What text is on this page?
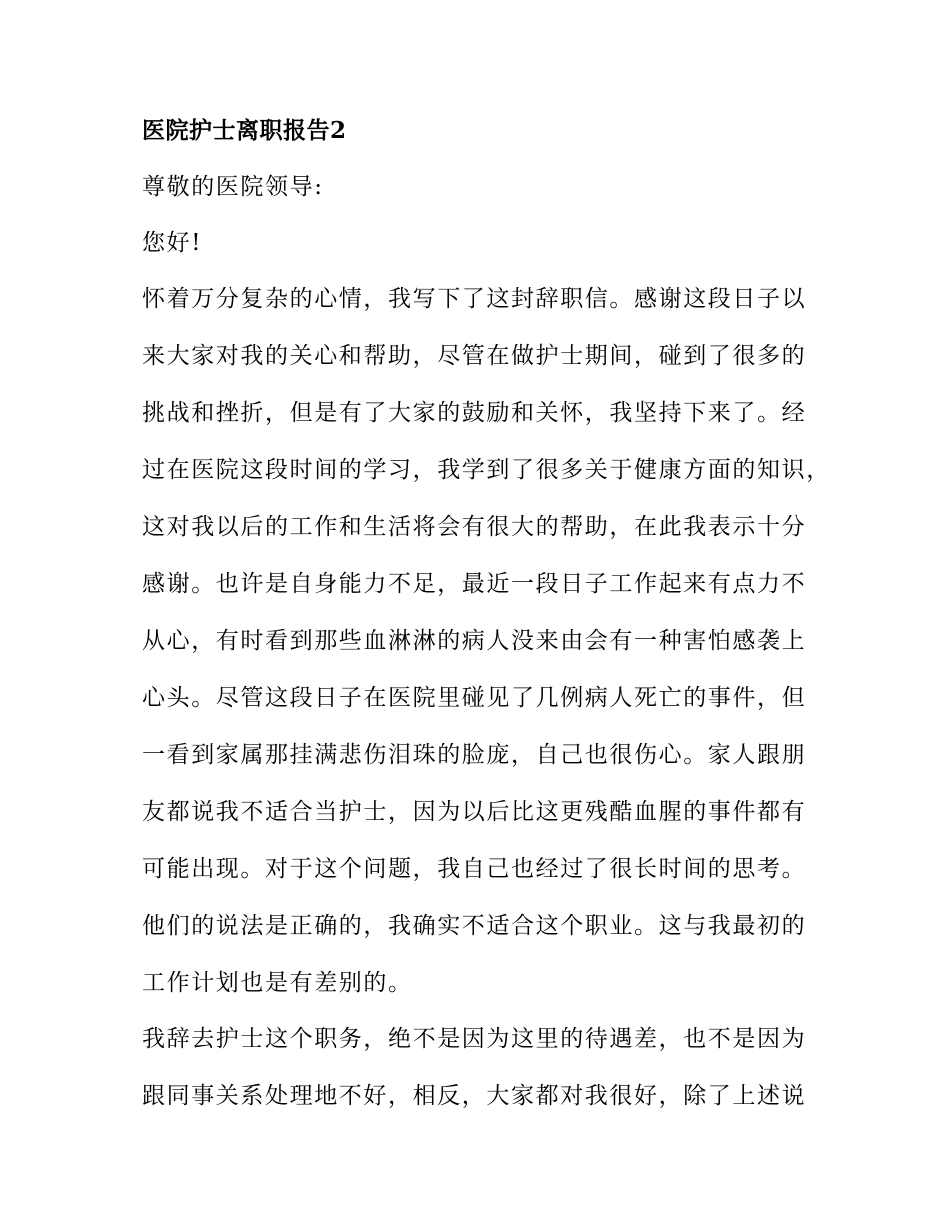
医院护士离职报告2
尊敬的医院领导:
您好!
怀着万分复杂的心情，我写下了这封辞职信。感谢这段日子以
来大家对我的关心和帮助，尽管在做护士期间，碰到了很多的
挑战和挫折，但是有了大家的鼓励和关怀，我坚持下来了。经
过在医院这段时间的学习，我学到了很多关于健康方面的知识，
这对我以后的工作和生活将会有很大的帮助，在此我表示十分
感谢。也许是自身能力不足，最近一段日子工作起来有点力不
从心，有时看到那些血淋淋的病人没来由会有一种害怕感袭上
心头。尽管这段日子在医院里碰见了几例病人死亡的事件，但
一看到家属那挂满悲伤泪珠的脸庞，自己也很伤心。家人跟朋
友都说我不适合当护士，因为以后比这更残酷血腥的事件都有
可能出现。对于这个问题，我自己也经过了很长时间的思考。
他们的说法是正确的，我确实不适合这个职业。这与我最初的
工作计划也是有差别的。
我辞去护士这个职务，绝不是因为这里的待遇差，也不是因为
跟同事关系处理地不好，相反，大家都对我很好，除了上述说
